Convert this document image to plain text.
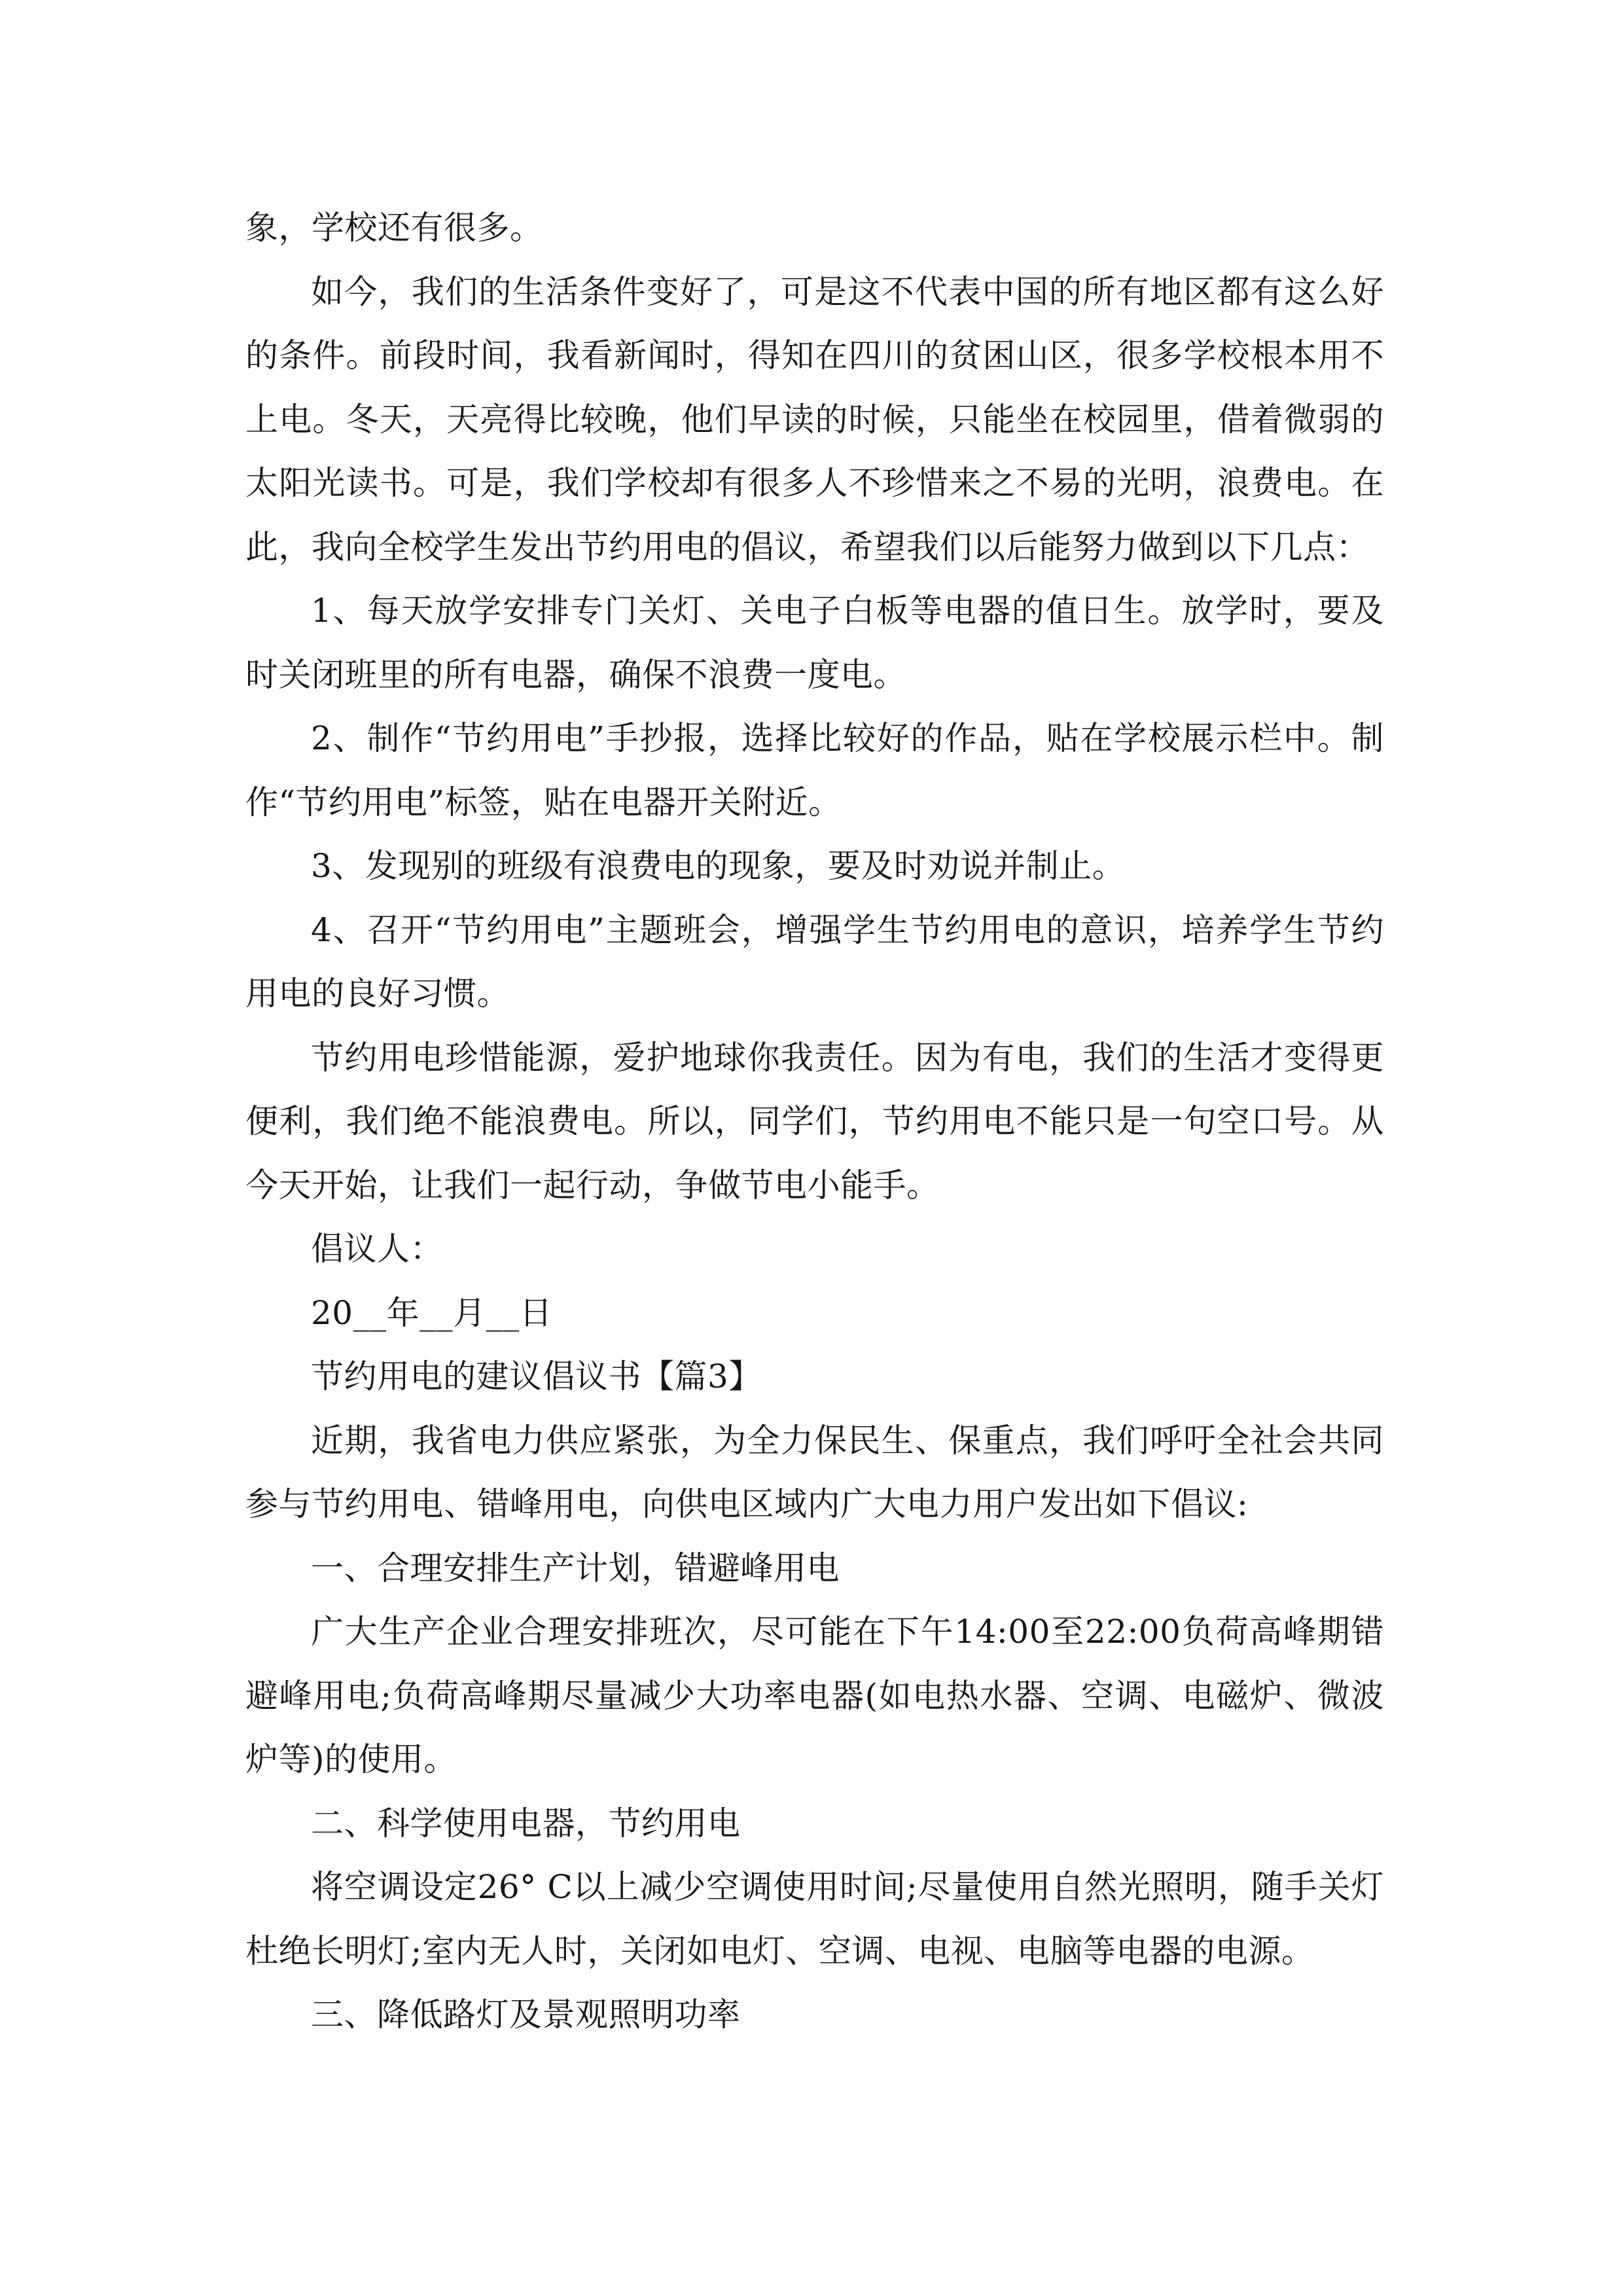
象，学校还有很多。

如今，我们的生活条件变好了，可是这不代表中国的所有地区都有这么好的条件。前段时间，我看新闻时，得知在四川的贫困山区，很多学校根本用不上电。冬天，天亮得比较晚，他们早读的时候，只能坐在校园里，借着微弱的太阳光读书。可是，我们学校却有很多人不珍惜来之不易的光明，浪费电。在此，我向全校学生发出节约用电的倡议，希望我们以后能努力做到以下几点：

1、每天放学安排专门关灯、关电子白板等电器的值日生。放学时，要及时关闭班里的所有电器，确保不浪费一度电。

2、制作“节约用电”手抄报，选择比较好的作品，贴在学校展示栏中。制作“节约用电”标签，贴在电器开关附近。

3、发现别的班级有浪费电的现象，要及时劝说并制止。

4、召开“节约用电”主题班会，增强学生节约用电的意识，培养学生节约用电的良好习惯。

节约用电珍惜能源，爱护地球你我责任。因为有电，我们的生活才变得更便利，我们绝不能浪费电。所以，同学们，节约用电不能只是一句空口号。从今天开始，让我们一起行动，争做节电小能手。

倡议人：

20__年__月__日

节约用电的建议倡议书【篇3】

近期，我省电力供应紧张，为全力保民生、保重点，我们呼吁全社会共同参与节约用电、错峰用电，向供电区域内广大电力用户发出如下倡议:

一、合理安排生产计划，错避峰用电

广大生产企业合理安排班次，尽可能在下午14:00至22:00负荷高峰期错避峰用电;负荷高峰期尽量减少大功率电器(如电热水器、空调、电磁炉、微波炉等)的使用。

二、科学使用电器，节约用电

将空调设定26° C以上减少空调使用时间;尽量使用自然光照明，随手关灯杜绝长明灯;室内无人时，关闭如电灯、空调、电视、电脑等电器的电源。

三、降低路灯及景观照明功率
